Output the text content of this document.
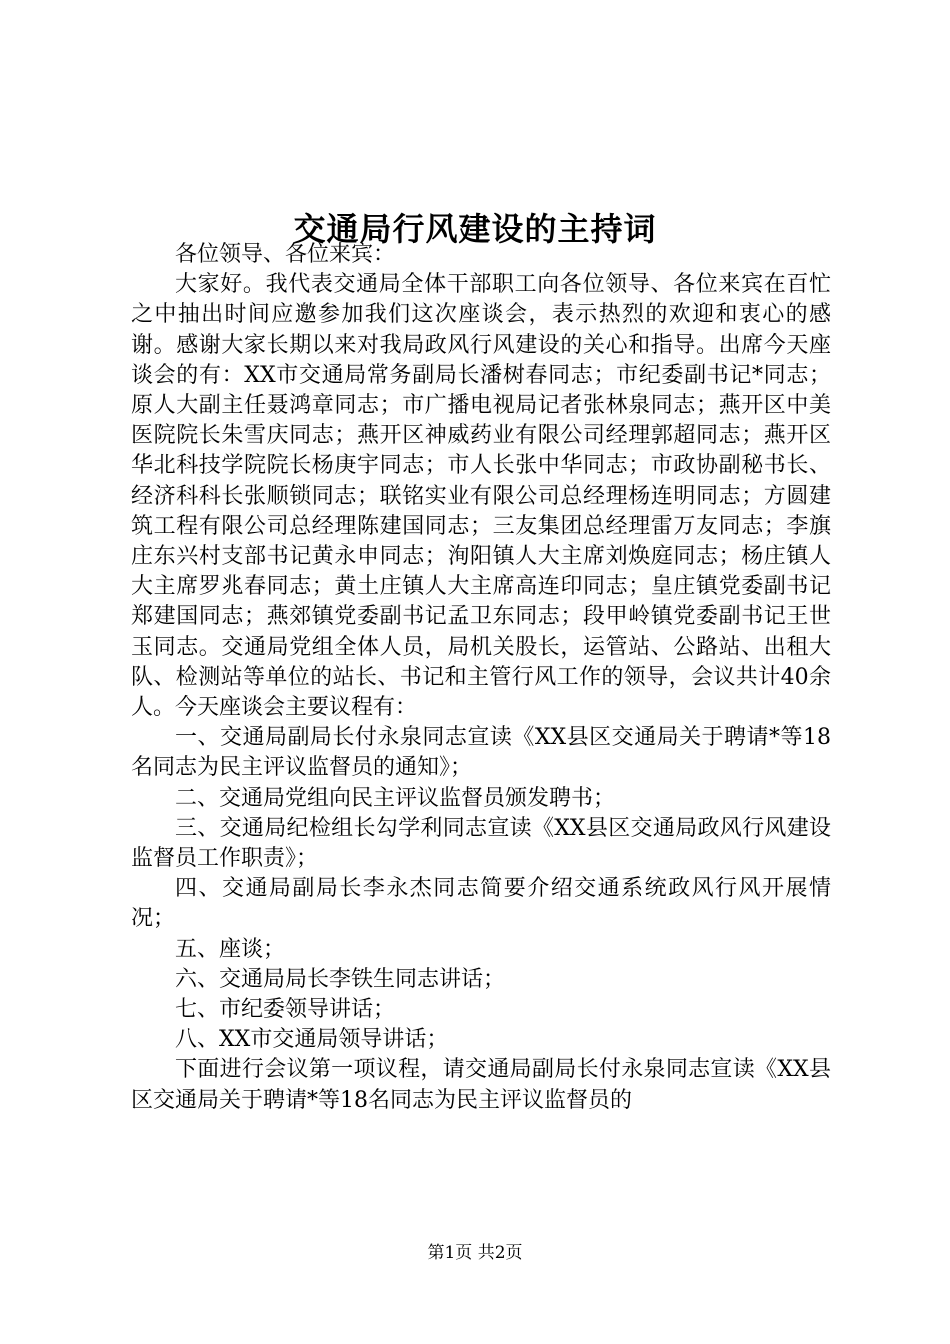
交通局行风建设的主持词

各位领导、各位来宾：

大家好。我代表交通局全体干部职工向各位领导、各位来宾在百忙之中抽出时间应邀参加我们这次座谈会，表示热烈的欢迎和衷心的感谢。感谢大家长期以来对我局政风行风建设的关心和指导。出席今天座谈会的有：XX市交通局常务副局长潘树春同志；市纪委副书记*同志；原人大副主任聂鸿章同志；市广播电视局记者张林泉同志；燕开区中美医院院长朱雪庆同志；燕开区神威药业有限公司经理郭超同志；燕开区华北科技学院院长杨庚宇同志；市人长张中华同志；市政协副秘书长、经济科科长张顺锁同志；联铭实业有限公司总经理杨连明同志；方圆建筑工程有限公司总经理陈建国同志；三友集团总经理雷万友同志；李旗庄东兴村支部书记黄永申同志；洵阳镇人大主席刘焕庭同志；杨庄镇人大主席罗兆春同志；黄土庄镇人大主席高连印同志；皇庄镇党委副书记郑建国同志；燕郊镇党委副书记孟卫东同志；段甲岭镇党委副书记王世玉同志。交通局党组全体人员，局机关股长，运管站、公路站、出租大队、检测站等单位的站长、书记和主管行风工作的领导，会议共计40余人。今天座谈会主要议程有：

一、交通局副局长付永泉同志宣读《XX县区交通局关于聘请*等18名同志为民主评议监督员的通知》；

二、交通局党组向民主评议监督员颁发聘书；

三、交通局纪检组长勾学利同志宣读《XX县区交通局政风行风建设监督员工作职责》；

四、交通局副局长李永杰同志简要介绍交通系统政风行风开展情况；

五、座谈；

六、交通局局长李铁生同志讲话；

七、市纪委领导讲话；

八、XX市交通局领导讲话；

下面进行会议第一项议程，请交通局副局长付永泉同志宣读《XX县区交通局关于聘请*等18名同志为民主评议监督员的

第1页 共2页
